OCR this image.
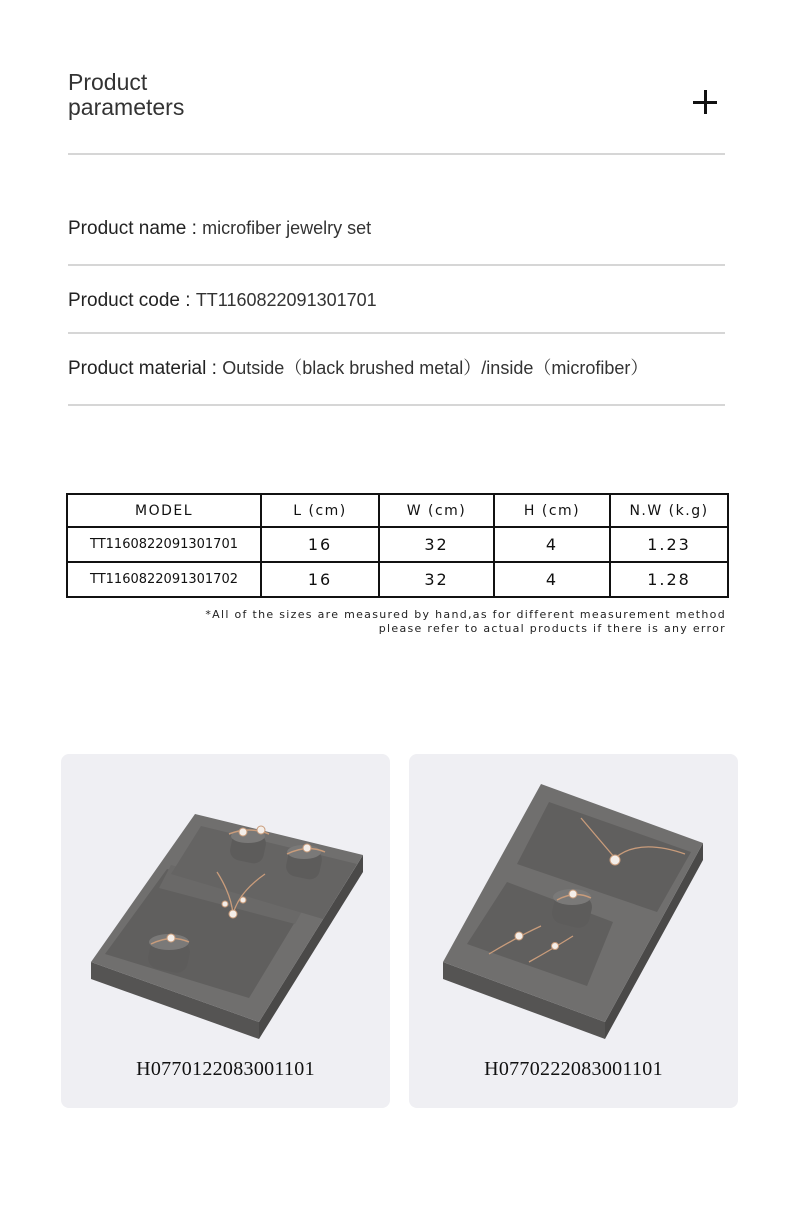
Product
parameters
Product name : microfiber jewelry set
Product code : TT1160822091301701
Product material : Outside（black brushed metal）/inside（microfiber）
MODEL	L (cm)	W (cm)	H (cm)	N.W (k.g)
TT1160822091301701	16	32	4	1.23
TT1160822091301702	16	32	4	1.28
*All of the sizes are measured by hand,as for different measurement method
please refer to actual products if there is any error
H0770122083001101	H0770222083001101
